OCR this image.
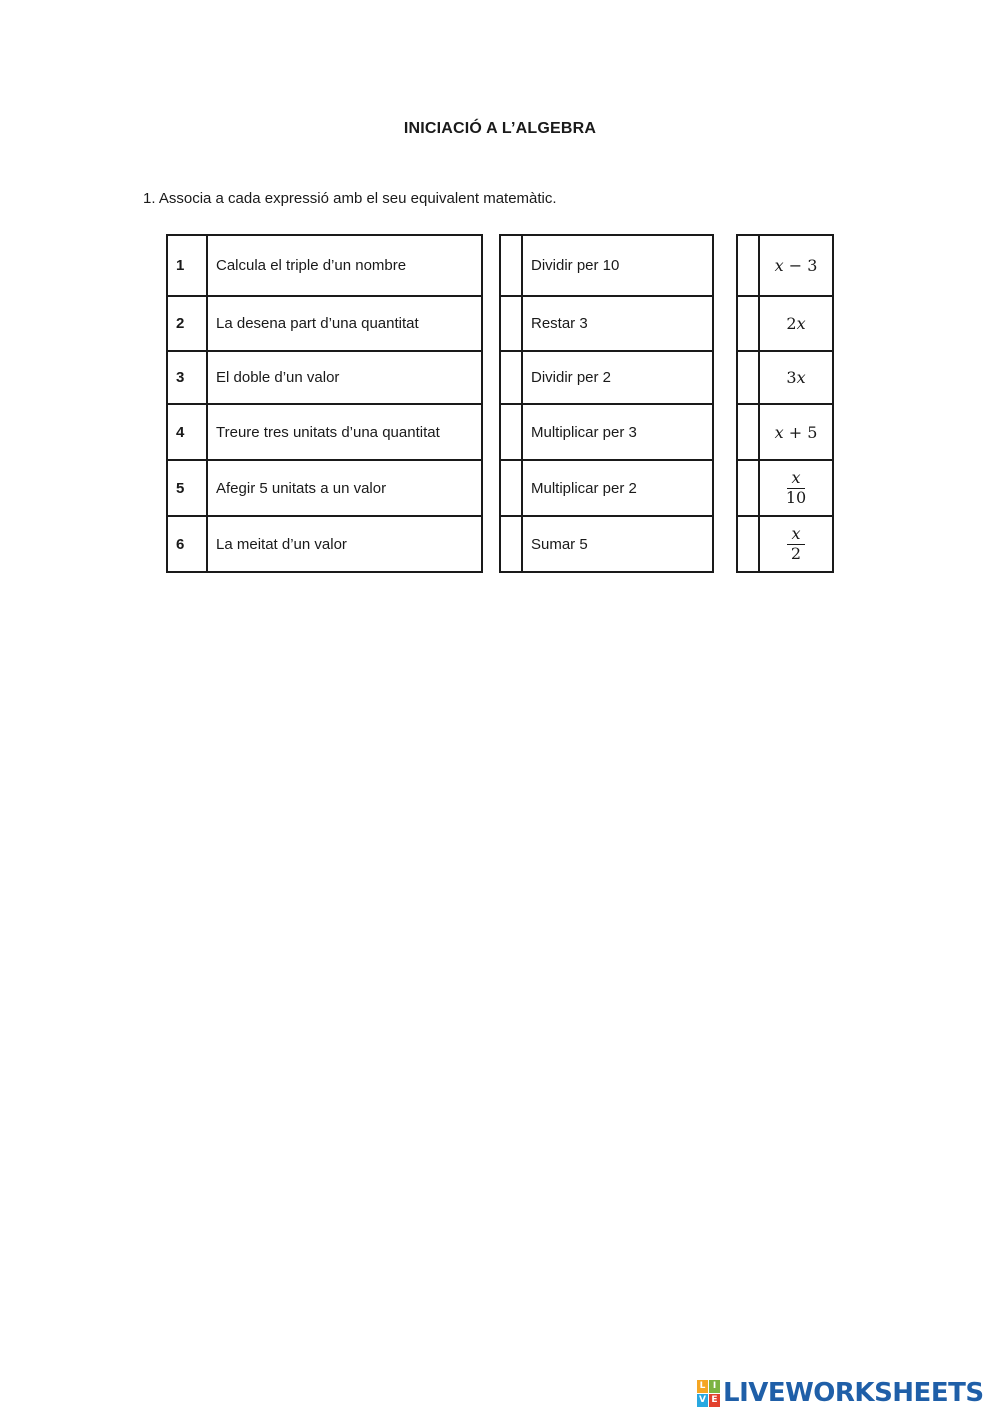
INICIACIÓ A L’ALGEBRA
1. Associa a cada expressió amb el seu equivalent matemàtic.
1	Calcula el triple d’un nombre
2	La desena part d’una quantitat
3	El doble d’un valor
4	Treure tres unitats d’una quantitat
5	Afegir 5 unitats a un valor
6	La meitat d’un valor
	Dividir per 10
	Restar 3
	Dividir per 2
	Multiplicar per 3
	Multiplicar per 2
	Sumar 5
	x − 3
	2x
	3x
	x + 5

	$\frac{x}{10}$

	$\frac{x}{2}$
L I
V E LIVEWORKSHEETS
